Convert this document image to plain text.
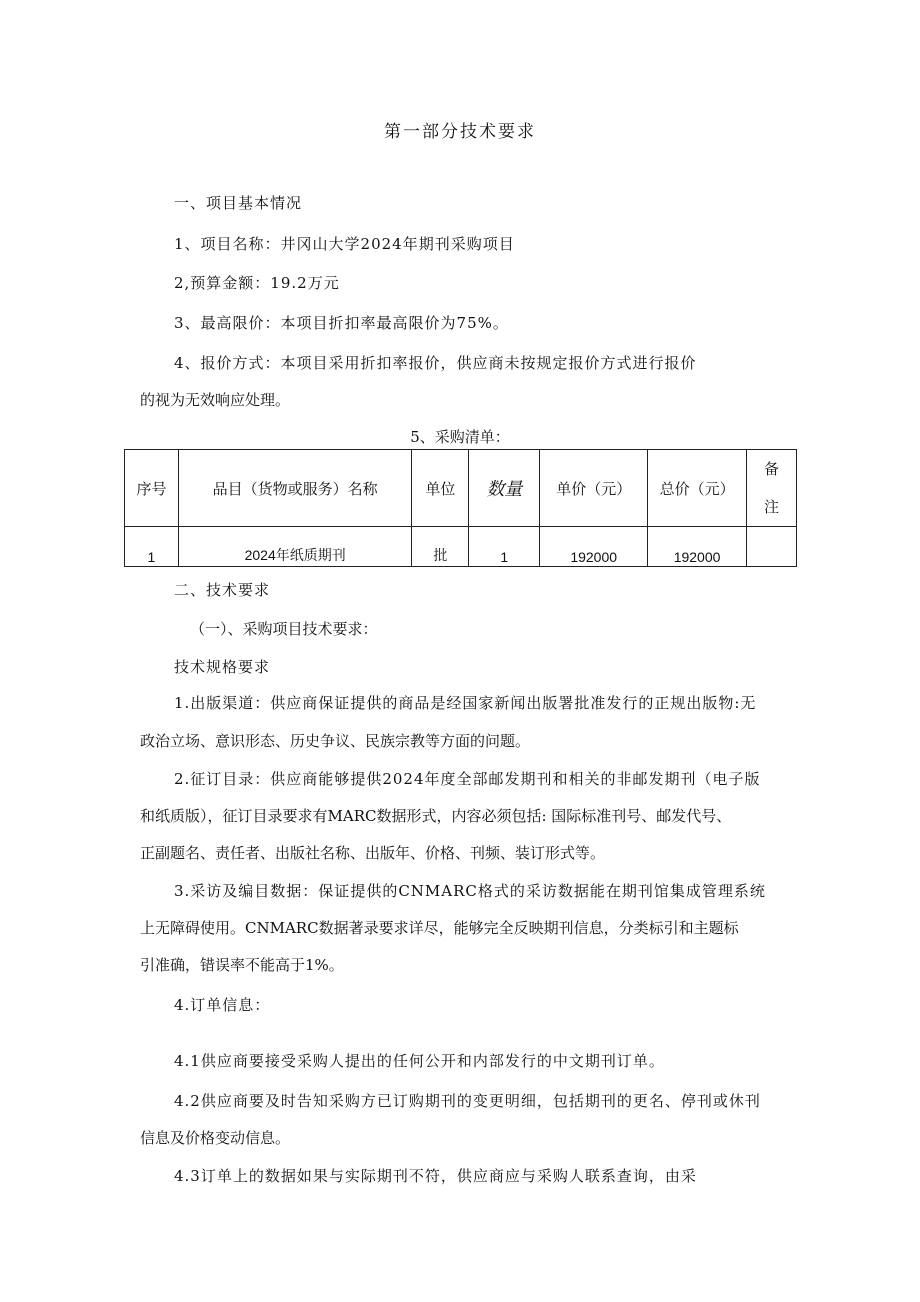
第一部分技术要求
一、项目基本情况
1、项目名称：井冈山大学2024年期刊采购项目
2,预算金额：19.2万元
3、最高限价：本项目折扣率最高限价为75%。
4、报价方式：本项目采用折扣率报价，供应商未按规定报价方式进行报价
的视为无效响应处理。
5、采购清单：
序号	品目（货物或服务）名称	单位	数量	单价（元）	总价（元）	备
注

1	2024年纸质期刊	批	1	192000	192000	
二、技术要求
（一）、采购项目技术要求：
技术规格要求
1.出版渠道：供应商保证提供的商品是经国家新闻出版署批准发行的正规出版物:无
政治立场、意识形态、历史争议、民族宗教等方面的问题。
2.征订目录：供应商能够提供2024年度全部邮发期刊和相关的非邮发期刊（电子版
和纸质版），征订目录要求有MARC数据形式，内容必须包括: 国际标准刊号、邮发代号、
正副题名、责任者、出版社名称、出版年、价格、刊频、装订形式等。
3.采访及编目数据：保证提供的CNMARC格式的采访数据能在期刊馆集成管理系统
上无障碍使用。CNMARC数据著录要求详尽，能够完全反映期刊信息，分类标引和主题标
引准确，错误率不能高于1%。
4.订单信息：
4.1供应商要接受采购人提出的任何公开和内部发行的中文期刊订单。
4.2供应商要及时告知采购方已订购期刊的变更明细，包括期刊的更名、停刊或休刊
信息及价格变动信息。
4.3订单上的数据如果与实际期刊不符，供应商应与采购人联系查询，由采
